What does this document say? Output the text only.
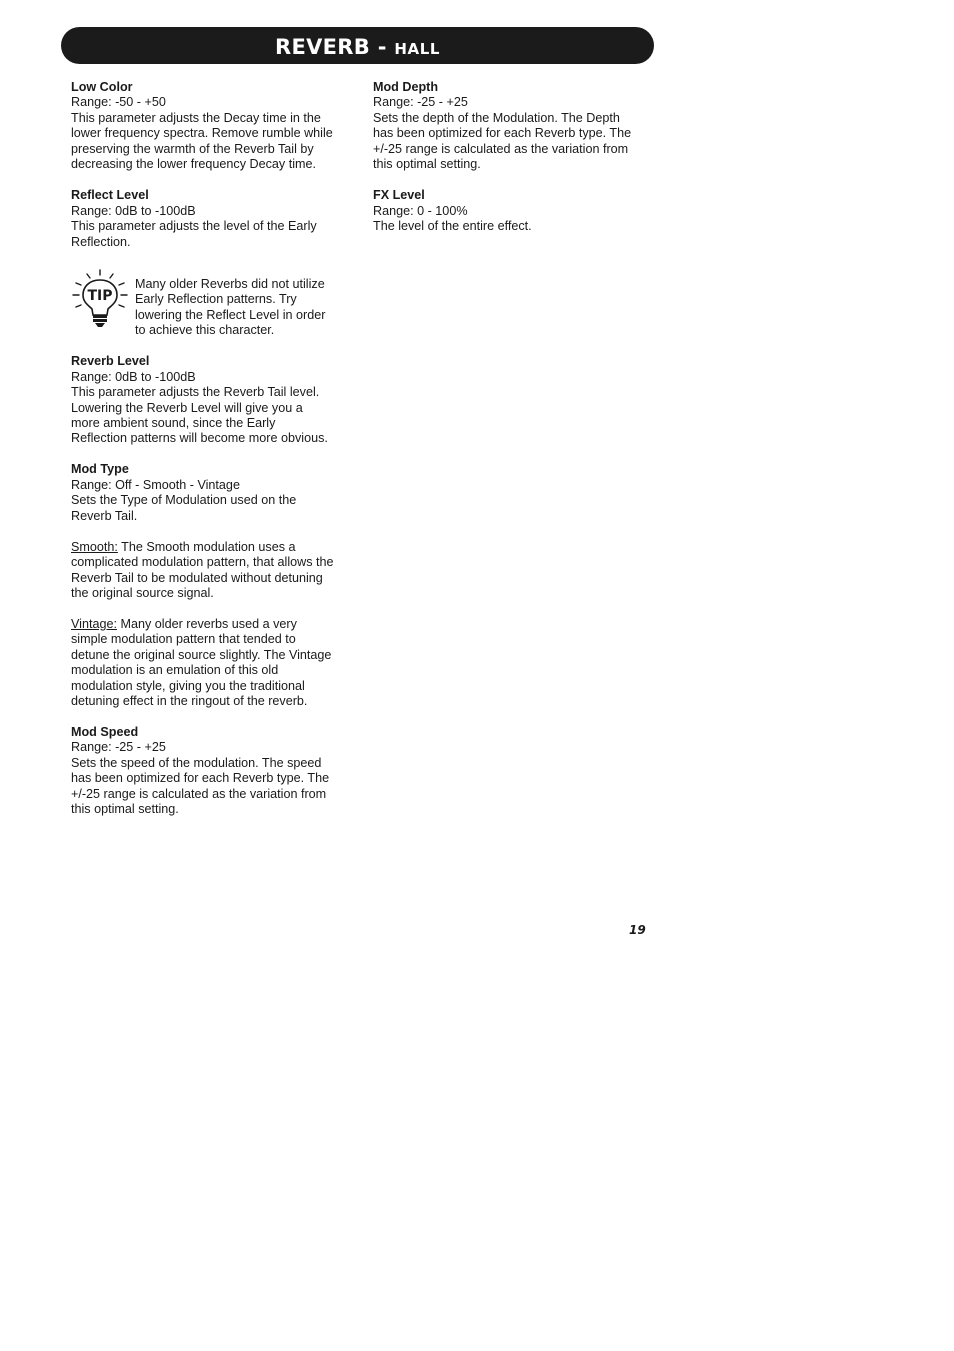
REVERB - HALL
Low Color
Range: -50 - +50
This parameter adjusts the Decay time in the
lower frequency spectra. Remove rumble while
preserving the warmth of the Reverb Tail by
decreasing the lower frequency Decay time.
Reflect Level
Range: 0dB to -100dB
This parameter adjusts the level of the Early
Reflection.
TIP
Many older Reverbs did not utilize
Early Reflection patterns. Try
lowering the Reflect Level in order
to achieve this character.
Reverb Level
Range: 0dB to -100dB
This parameter adjusts the Reverb Tail level.
Lowering the Reverb Level will give you a
more ambient sound, since the Early
Reflection patterns will become more obvious.
Mod Type
Range: Off - Smooth - Vintage
Sets the Type of Modulation used on the
Reverb Tail.
Smooth: The Smooth modulation uses a
complicated modulation pattern, that allows the
Reverb Tail to be modulated without detuning
the original source signal.
Vintage: Many older reverbs used a very
simple modulation pattern that tended to
detune the original source slightly. The Vintage
modulation is an emulation of this old
modulation style, giving you the traditional
detuning effect in the ringout of the reverb.
Mod Speed
Range: -25 - +25
Sets the speed of the modulation. The speed
has been optimized for each Reverb type. The
+/-25 range is calculated as the variation from
this optimal setting.
Mod Depth
Range: -25 - +25
Sets the depth of the Modulation. The Depth
has been optimized for each Reverb type. The
+/-25 range is calculated as the variation from
this optimal setting.
FX Level
Range: 0 - 100%
The level of the entire effect.
19
